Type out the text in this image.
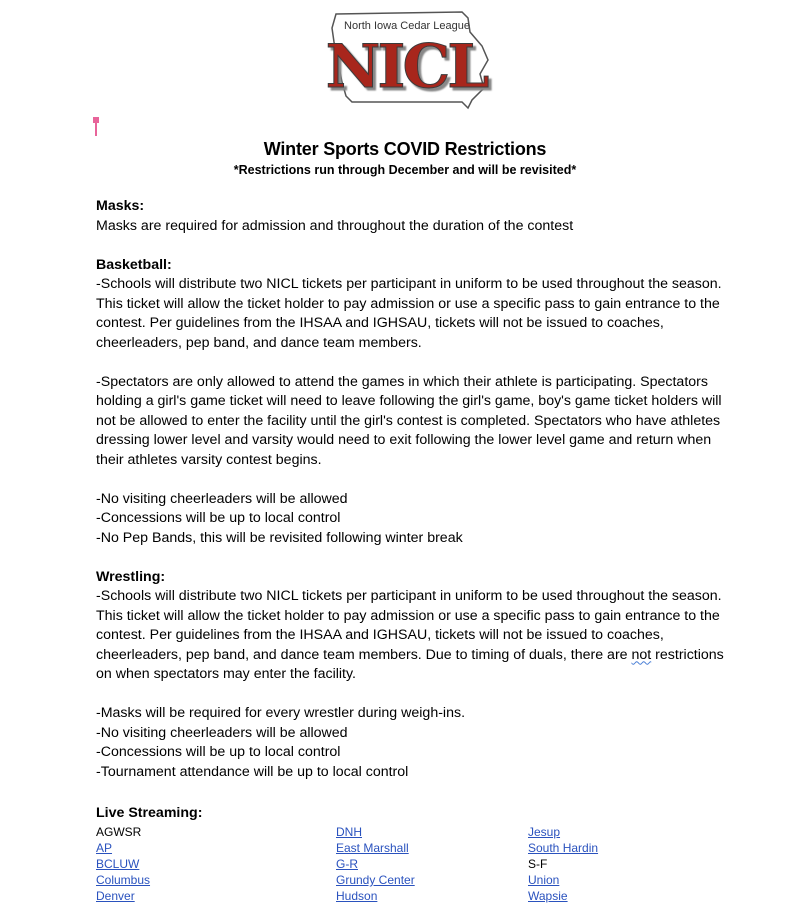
North Iowa Cedar League
NICL
Winter Sports COVID Restrictions
*Restrictions run through December and will be revisited*
Masks:

Masks are required for admission and throughout the duration of the contest

Basketball:

-Schools will distribute two NICL tickets per participant in uniform to be used throughout the season. This ticket will allow the ticket holder to pay admission or use a specific pass to gain entrance to the contest. Per guidelines from the IHSAA and IGHSAU, tickets will not be issued to coaches, cheerleaders, pep band, and dance team members.

-Spectators are only allowed to attend the games in which their athlete is participating. Spectators holding a girl's game ticket will need to leave following the girl's game, boy's game ticket holders will not be allowed to enter the facility until the girl's contest is completed. Spectators who have athletes dressing lower level and varsity would need to exit following the lower level game and return when their athletes varsity contest begins.

-No visiting cheerleaders will be allowed
-Concessions will be up to local control
-No Pep Bands, this will be revisited following winter break
Wrestling:

-Schools will distribute two NICL tickets per participant in uniform to be used throughout the season. This ticket will allow the ticket holder to pay admission or use a specific pass to gain entrance to the contest. Per guidelines from the IHSAA and IGHSAU, tickets will not be issued to coaches, cheerleaders, pep band, and dance team members. Due to timing of duals, there are not restrictions on when spectators may enter the facility.

-Masks will be required for every wrestler during weigh-ins.
-No visiting cheerleaders will be allowed
-Concessions will be up to local control
-Tournament attendance will be up to local control
Live Streaming:
AGWSR	DNH	Jesup
AP	East Marshall	South Hardin
BCLUW	G-R	S-F
Columbus	Grundy Center	Union
Denver	Hudson	Wapsie
